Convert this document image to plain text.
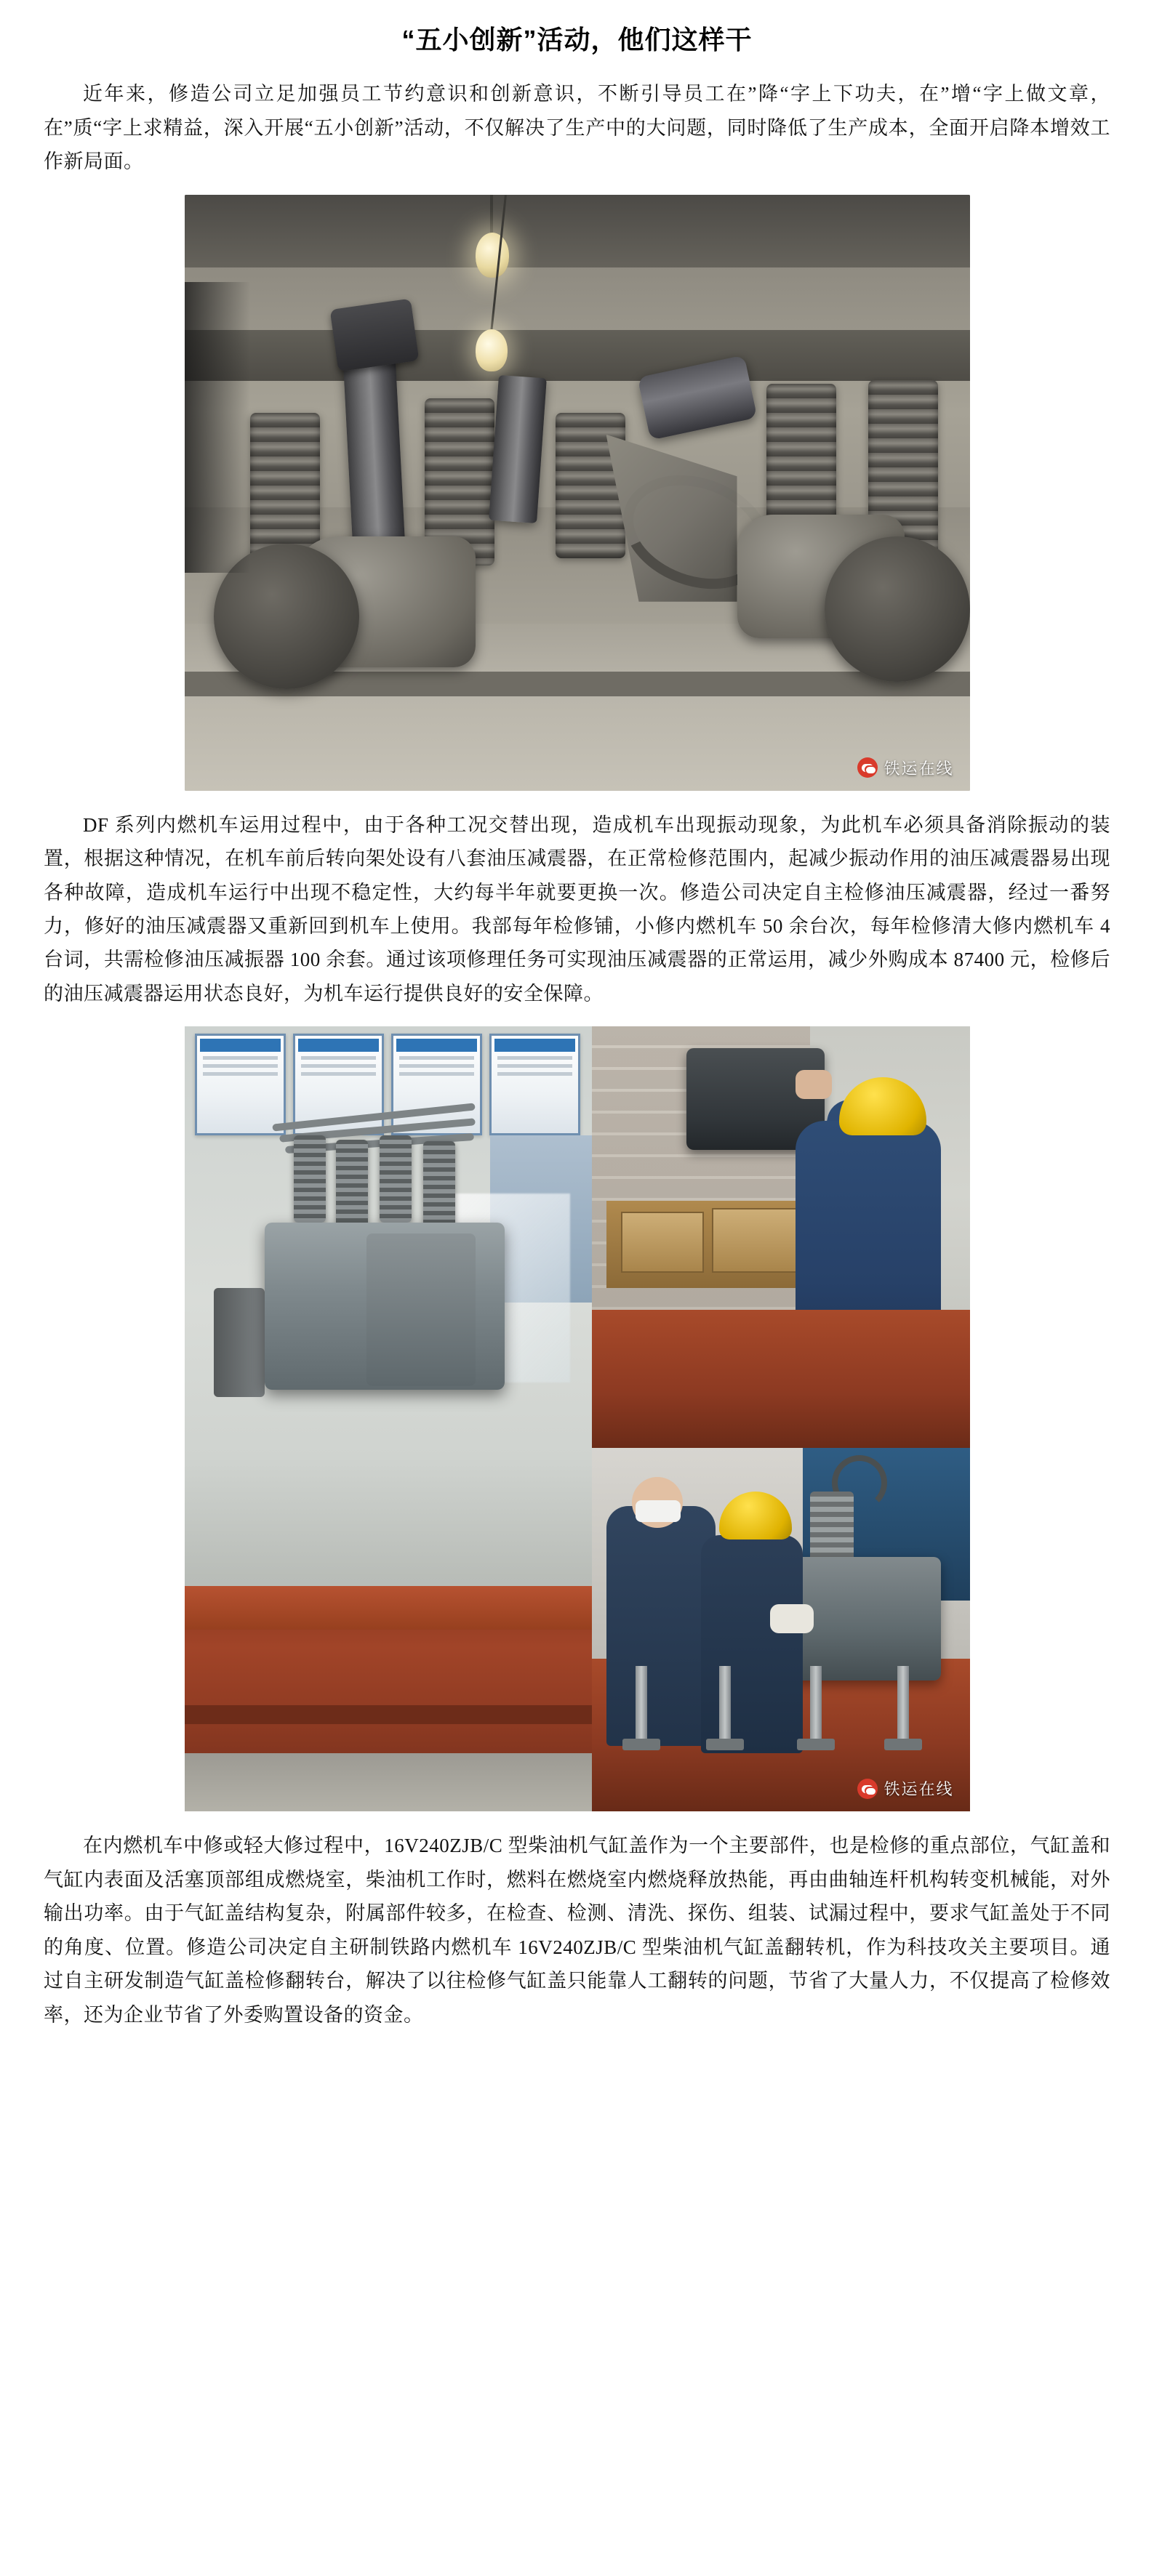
“五小创新”活动，他们这样干

近年来，修造公司立足加强员工节约意识和创新意识，不断引导员工在”降“字上下功夫，在”增“字上做文章，在”质“字上求精益，深入开展“五小创新”活动，不仅解决了生产中的大问题，同时降低了生产成本，全面开启降本增效工作新局面。

铁运在线

DF 系列内燃机车运用过程中，由于各种工况交替出现，造成机车出现振动现象，为此机车必须具备消除振动的装置，根据这种情况，在机车前后转向架处设有八套油压减震器，在正常检修范围内，起减少振动作用的油压减震器易出现各种故障，造成机车运行中出现不稳定性，大约每半年就要更换一次。修造公司决定自主检修油压减震器，经过一番努力，修好的油压减震器又重新回到机车上使用。我部每年检修铺，小修内燃机车 50 余台次，每年检修清大修内燃机车 4 台词，共需检修油压减振器 100 余套。通过该项修理任务可实现油压减震器的正常运用，减少外购成本 87400 元，检修后的油压减震器运用状态良好，为机车运行提供良好的安全保障。

铁运在线

在内燃机车中修或轻大修过程中，16V240ZJB/C 型柴油机气缸盖作为一个主要部件，也是检修的重点部位，气缸盖和气缸内表面及活塞顶部组成燃烧室，柴油机工作时，燃料在燃烧室内燃烧释放热能，再由曲轴连杆机构转变机械能，对外输出功率。由于气缸盖结构复杂，附属部件较多，在检查、检测、清洗、探伤、组装、试漏过程中，要求气缸盖处于不同的角度、位置。修造公司决定自主研制铁路内燃机车 16V240ZJB/C 型柴油机气缸盖翻转机，作为科技攻关主要项目。通过自主研发制造气缸盖检修翻转台，解决了以往检修气缸盖只能靠人工翻转的问题，节省了大量人力，不仅提高了检修效率，还为企业节省了外委购置设备的资金。
